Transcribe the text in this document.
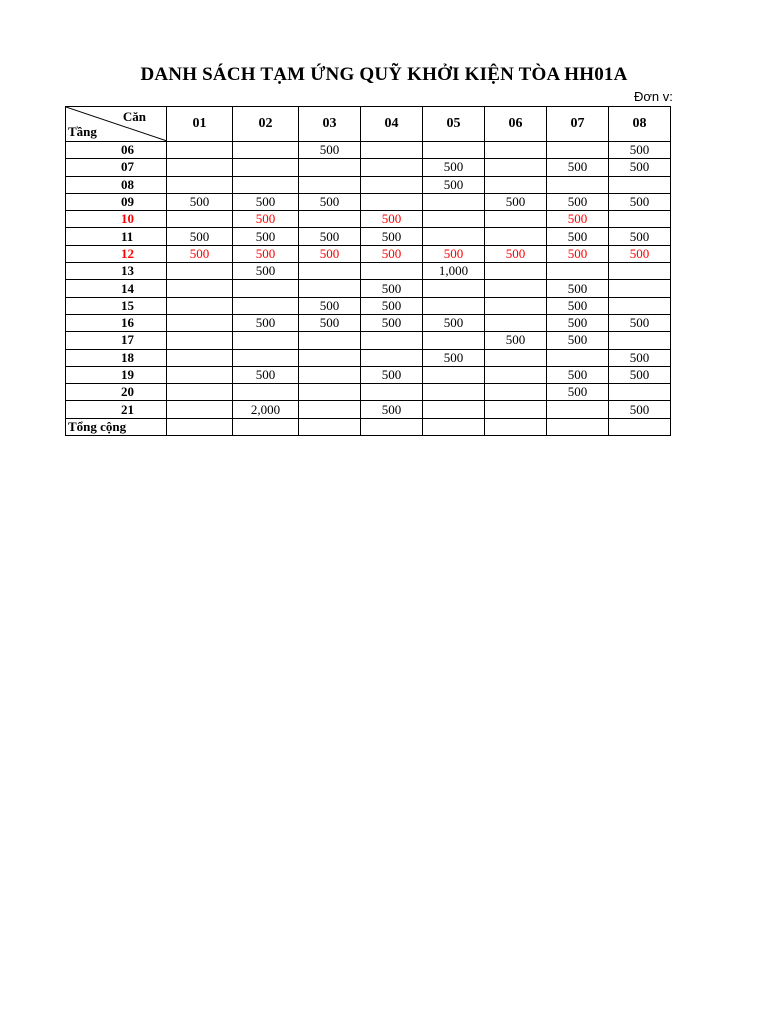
DANH SÁCH TẠM ỨNG QUỸ KHỞI KIỆN TÒA HH01A
Đơn v:
Căn
Tầng	01	02	03	04	05	06	07	08
06			500					500
07					500		500	500
08					500			
09	500	500	500			500	500	500
10		500		500			500	
11	500	500	500	500			500	500
12	500	500	500	500	500	500	500	500
13		500			1,000			
14				500			500	
15			500	500			500	
16		500	500	500	500		500	500
17						500	500	
18					500			500
19		500		500			500	500
20							500	
21		2,000		500				500
Tổng cộng								
